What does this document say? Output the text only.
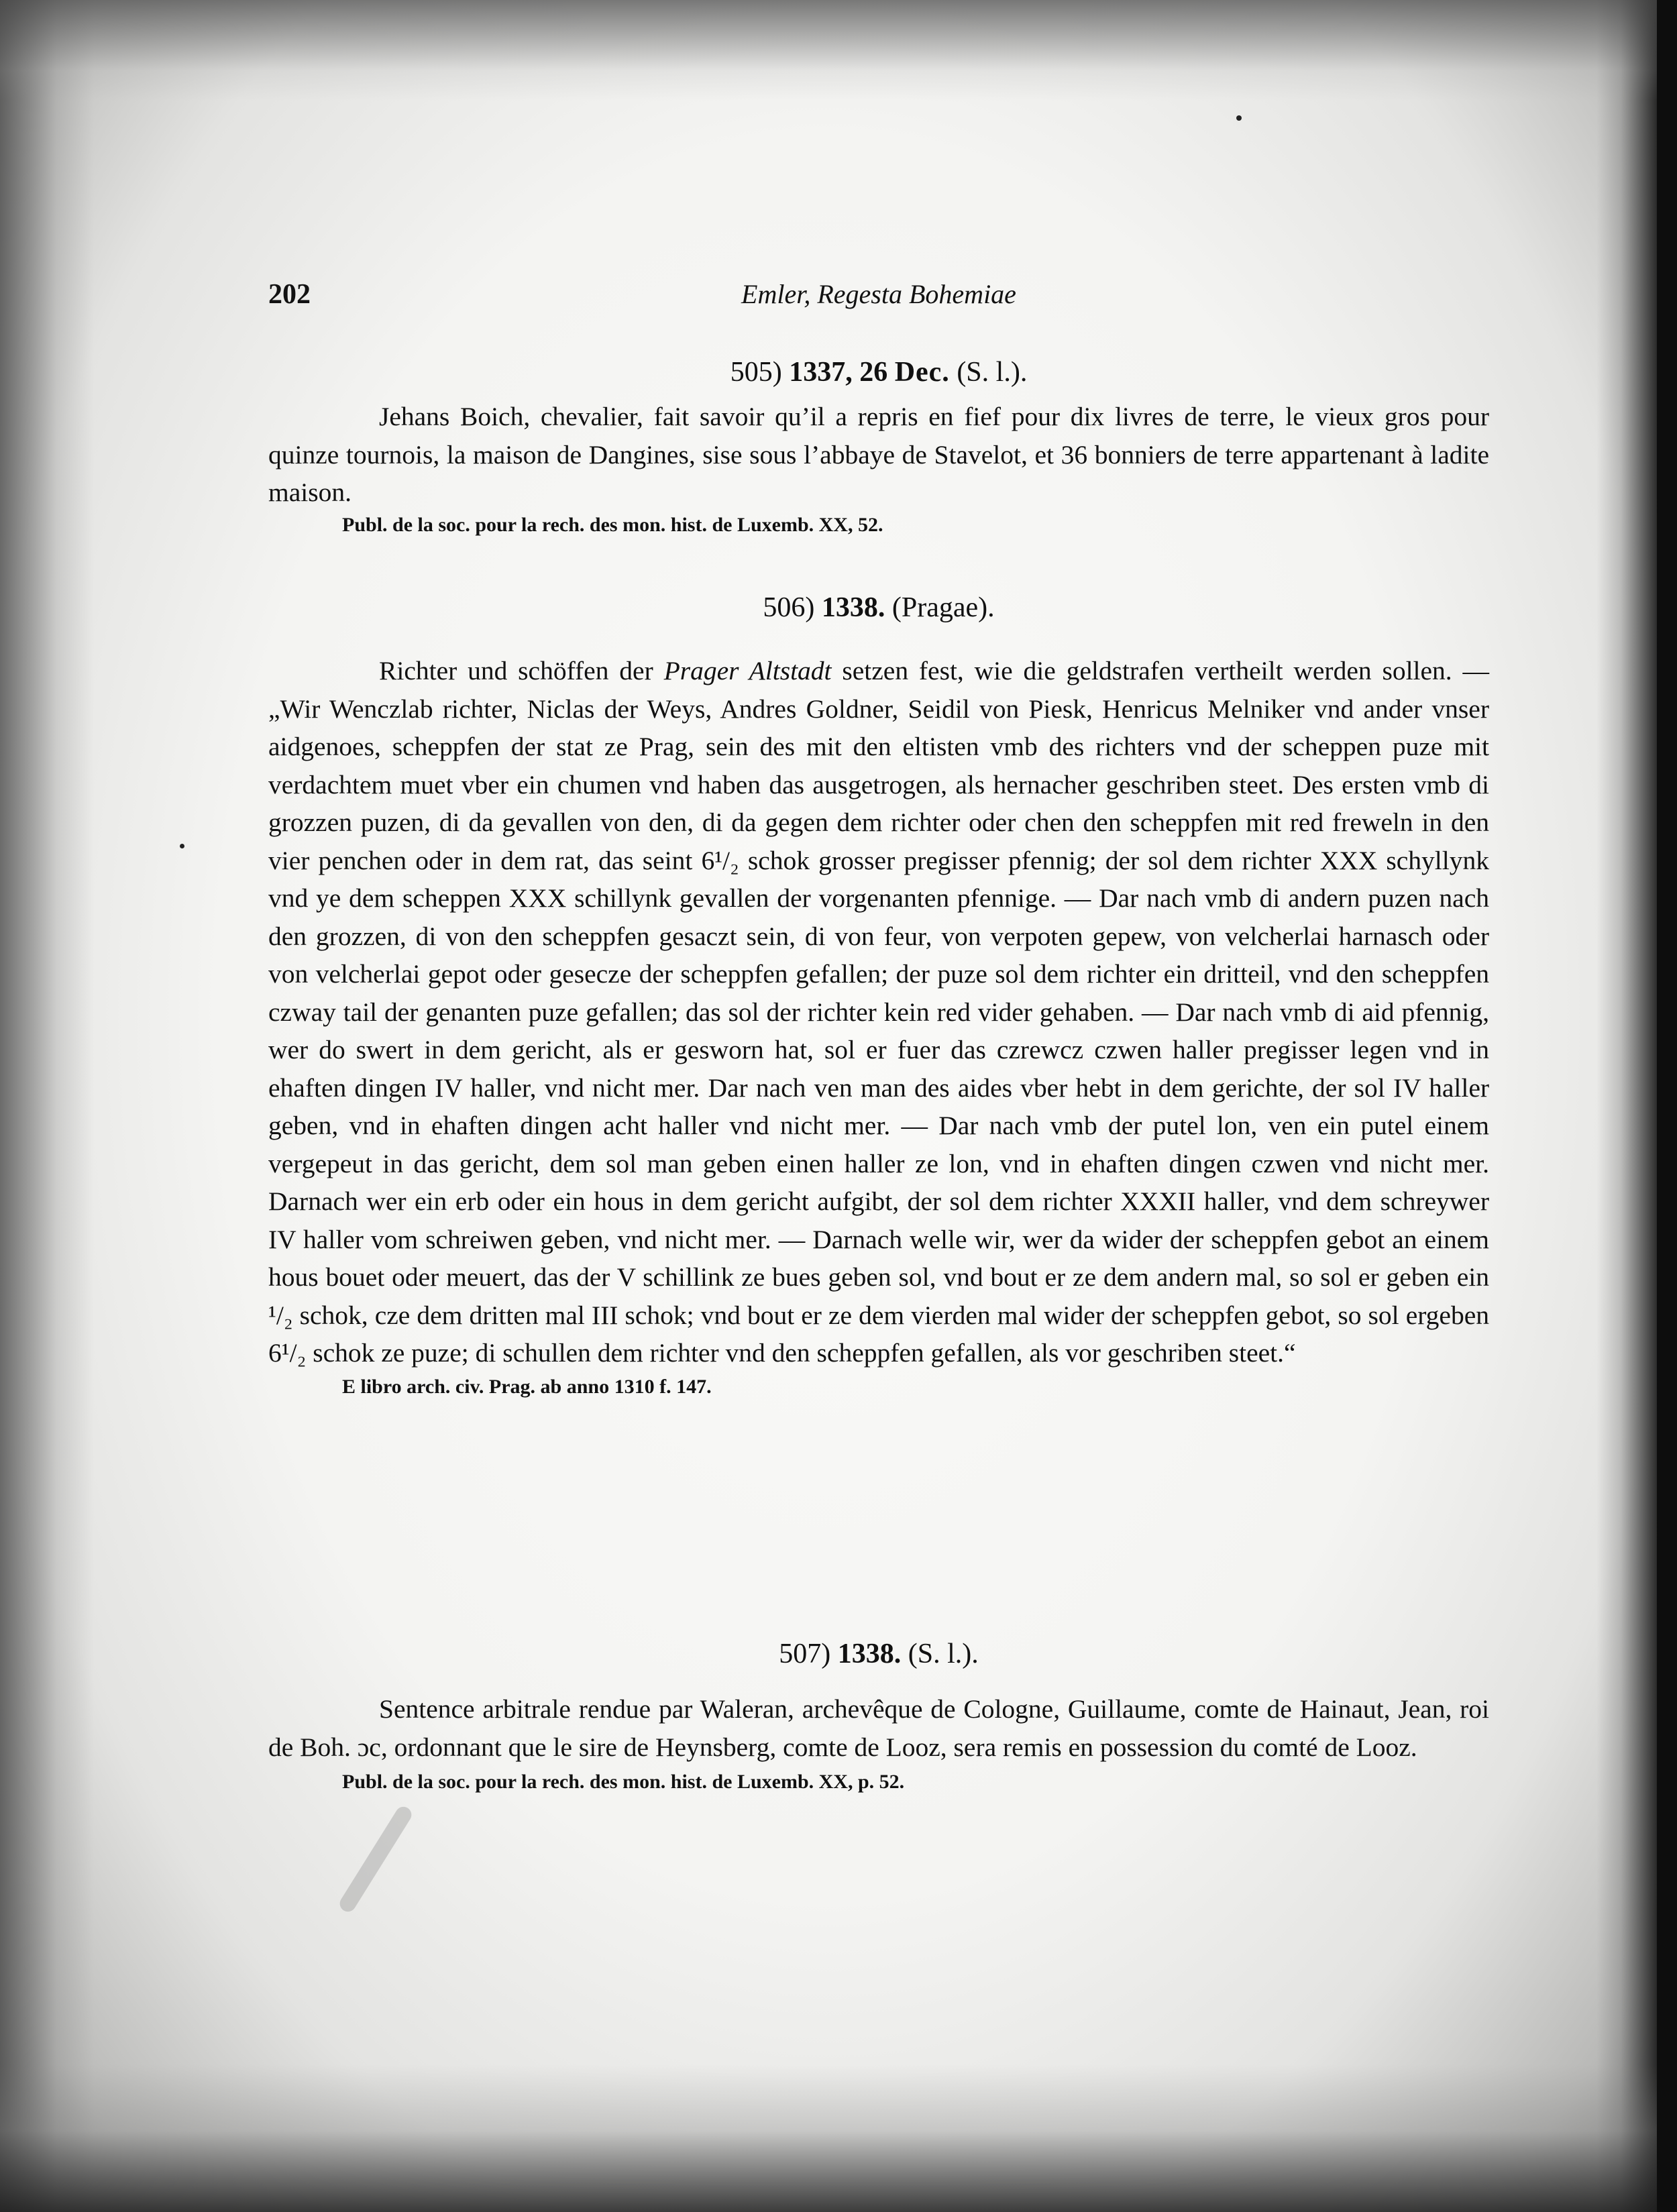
202	Emler, Regesta Bohemiae
505) 1337, 26 Dec. (S. l.).

Jehans Boich, chevalier, fait savoir qu’il a repris en fief pour dix livres de terre, le vieux gros pour quinze tournois, la maison de Dangines, sise sous l’abbaye de Stavelot, et 36 bonniers de terre appartenant à ladite maison.

Publ. de la soc. pour la rech. des mon. hist. de Luxemb. XX, 52.

506) 1338. (Pragae).

Richter und schöffen der Prager Altstadt setzen fest, wie die geldstrafen vertheilt werden sollen. — „Wir Wenczlab richter, Niclas der Weys, Andres Goldner, Seidil von Piesk, Henricus Melniker vnd ander vnser aidgenoes, scheppfen der stat ze Prag, sein des mit den eltisten vmb des richters vnd der scheppen puze mit verdachtem muet vber ein chumen vnd haben das ausgetrogen, als hernacher geschriben steet. Des ersten vmb di grozzen puzen, di da gevallen von den, di da gegen dem richter oder chen den scheppfen mit red freweln in den vier penchen oder in dem rat, das seint 6¹/₂ schok grosser pregisser pfennig; der sol dem richter XXX schyllynk vnd ye dem scheppen XXX schillynk gevallen der vorgenanten pfennige. — Dar nach vmb di andern puzen nach den grozzen, di von den scheppfen gesaczt sein, di von feur, von verpoten gepew, von velcherlai harnasch oder von velcherlai gepot oder gesecze der scheppfen gefallen; der puze sol dem richter ein dritteil, vnd den scheppfen czway tail der genanten puze gefallen; das sol der richter kein red vider gehaben. — Dar nach vmb di aid pfennig, wer do swert in dem gericht, als er gesworn hat, sol er fuer das czrewcz czwen haller pregisser legen vnd in ehaften dingen IV haller, vnd nicht mer. Dar nach ven man des aides vber hebt in dem gerichte, der sol IV haller geben, vnd in ehaften dingen acht haller vnd nicht mer. — Dar nach vmb der putel lon, ven ein putel einem vergepeut in das gericht, dem sol man geben einen haller ze lon, vnd in ehaften dingen czwen vnd nicht mer. Darnach wer ein erb oder ein hous in dem gericht aufgibt, der sol dem richter XXXII haller, vnd dem schreywer IV haller vom schreiwen geben, vnd nicht mer. — Darnach welle wir, wer da wider der scheppfen gebot an einem hous bouet oder meuert, das der V schillink ze bues geben sol, vnd bout er ze dem andern mal, so sol er geben ein ¹/₂ schok, cze dem dritten mal III schok; vnd bout er ze dem vierden mal wider der scheppfen gebot, so sol ergeben 6¹/₂ schok ze puze; di schullen dem richter vnd den scheppfen gefallen, als vor geschriben steet.“

E libro arch. civ. Prag. ab anno 1310 f. 147.

507) 1338. (S. l.).

Sentence arbitrale rendue par Waleran, archevêque de Cologne, Guillaume, comte de Hainaut, Jean, roi de Boh. ɔc, ordonnant que le sire de Heynsberg, comte de Looz, sera remis en possession du comté de Looz.

Publ. de la soc. pour la rech. des mon. hist. de Luxemb. XX, p. 52.
